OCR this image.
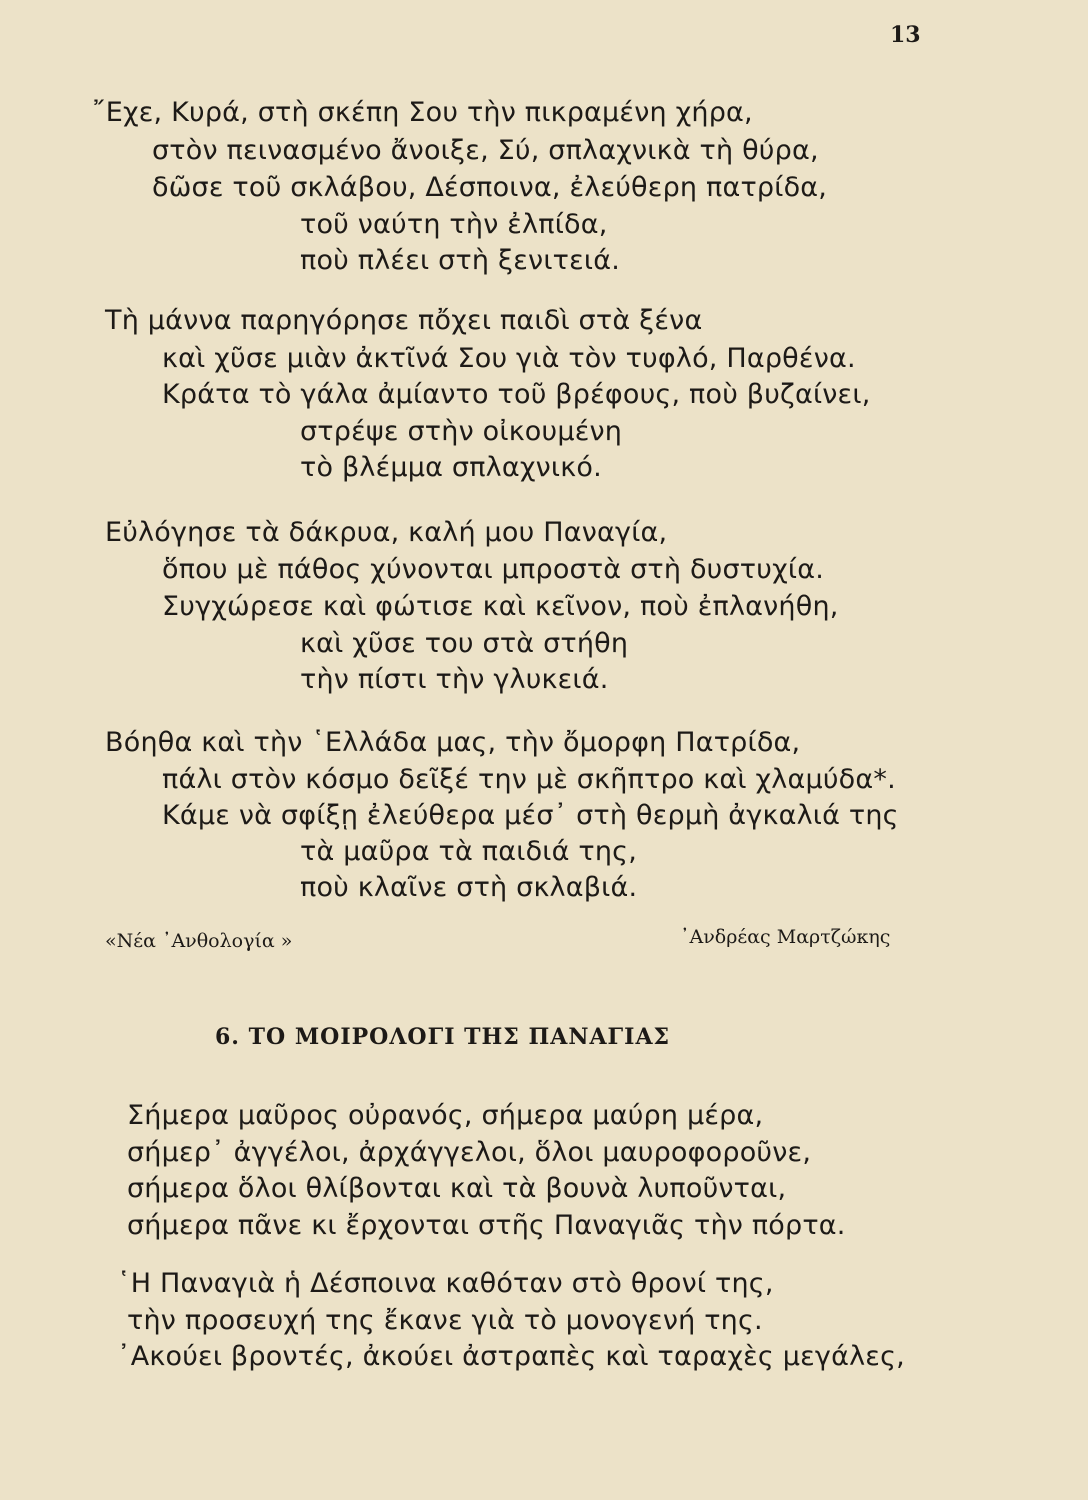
13
῎Εχε, Κυρά, στὴ σκέπη Σου τὴν πικραμένη χήρα,
στὸν πεινασμένο ἄνοιξε, Σύ, σπλαχνικὰ τὴ θύρα,
δῶσε τοῦ σκλάβου, Δέσποινα, ἐλεύθερη πατρίδα,
τοῦ ναύτη τὴν ἐλπίδα,
ποὺ πλέει στὴ ξενιτειά.
Τὴ μάννα παρηγόρησε πὄχει παιδὶ στὰ ξένα
καὶ χῦσε μιὰν ἀκτῖνά Σου γιὰ τὸν τυφλό, Παρθένα.
Κράτα τὸ γάλα ἀμίαντο τοῦ βρέφους, ποὺ βυζαίνει,
στρέψε στὴν οἰκουμένη
τὸ βλέμμα σπλαχνικό.
Εὐλόγησε τὰ δάκρυα, καλή μου Παναγία,
ὅπου μὲ πάθος χύνονται μπροστὰ στὴ δυστυχία.
Συγχώρεσε καὶ φώτισε καὶ κεῖνον, ποὺ ἐπλανήθη,
καὶ χῦσε του στὰ στήθη
τὴν πίστι τὴν γλυκειά.
Βόηθα καὶ τὴν ῾Ελλάδα μας, τὴν ὄμορφη Πατρίδα,
πάλι στὸν κόσμο δεῖξέ την μὲ σκῆπτρο καὶ χλαμύδα*.
Κάμε νὰ σφίξῃ ἐλεύθερα μέσ᾿ στὴ θερμὴ ἀγκαλιά της
τὰ μαῦρα τὰ παιδιά της,
ποὺ κλαῖνε στὴ σκλαβιά.
«Νέα ᾿Ανθολογία »	᾿Ανδρέας Μαρτζώκης
6. ΤΟ ΜΟΙΡΟΛΟΓΙ ΤΗΣ ΠΑΝΑΓΙΑΣ
Σήμερα μαῦρος οὐρανός, σήμερα μαύρη μέρα,
σήμερ᾿ ἀγγέλοι, ἀρχάγγελοι, ὅλοι μαυροφοροῦνε,
σήμερα ὅλοι θλίβονται καὶ τὰ βουνὰ λυποῦνται,
σήμερα πᾶνε κι ἔρχονται στῆς Παναγιᾶς τὴν πόρτα.
῾Η Παναγιὰ ἡ Δέσποινα καθόταν στὸ θρονί της,
τὴν προσευχή της ἔκανε γιὰ τὸ μονογενή της.
᾿Ακούει βροντές, ἀκούει ἀστραπὲς καὶ ταραχὲς μεγάλες,
